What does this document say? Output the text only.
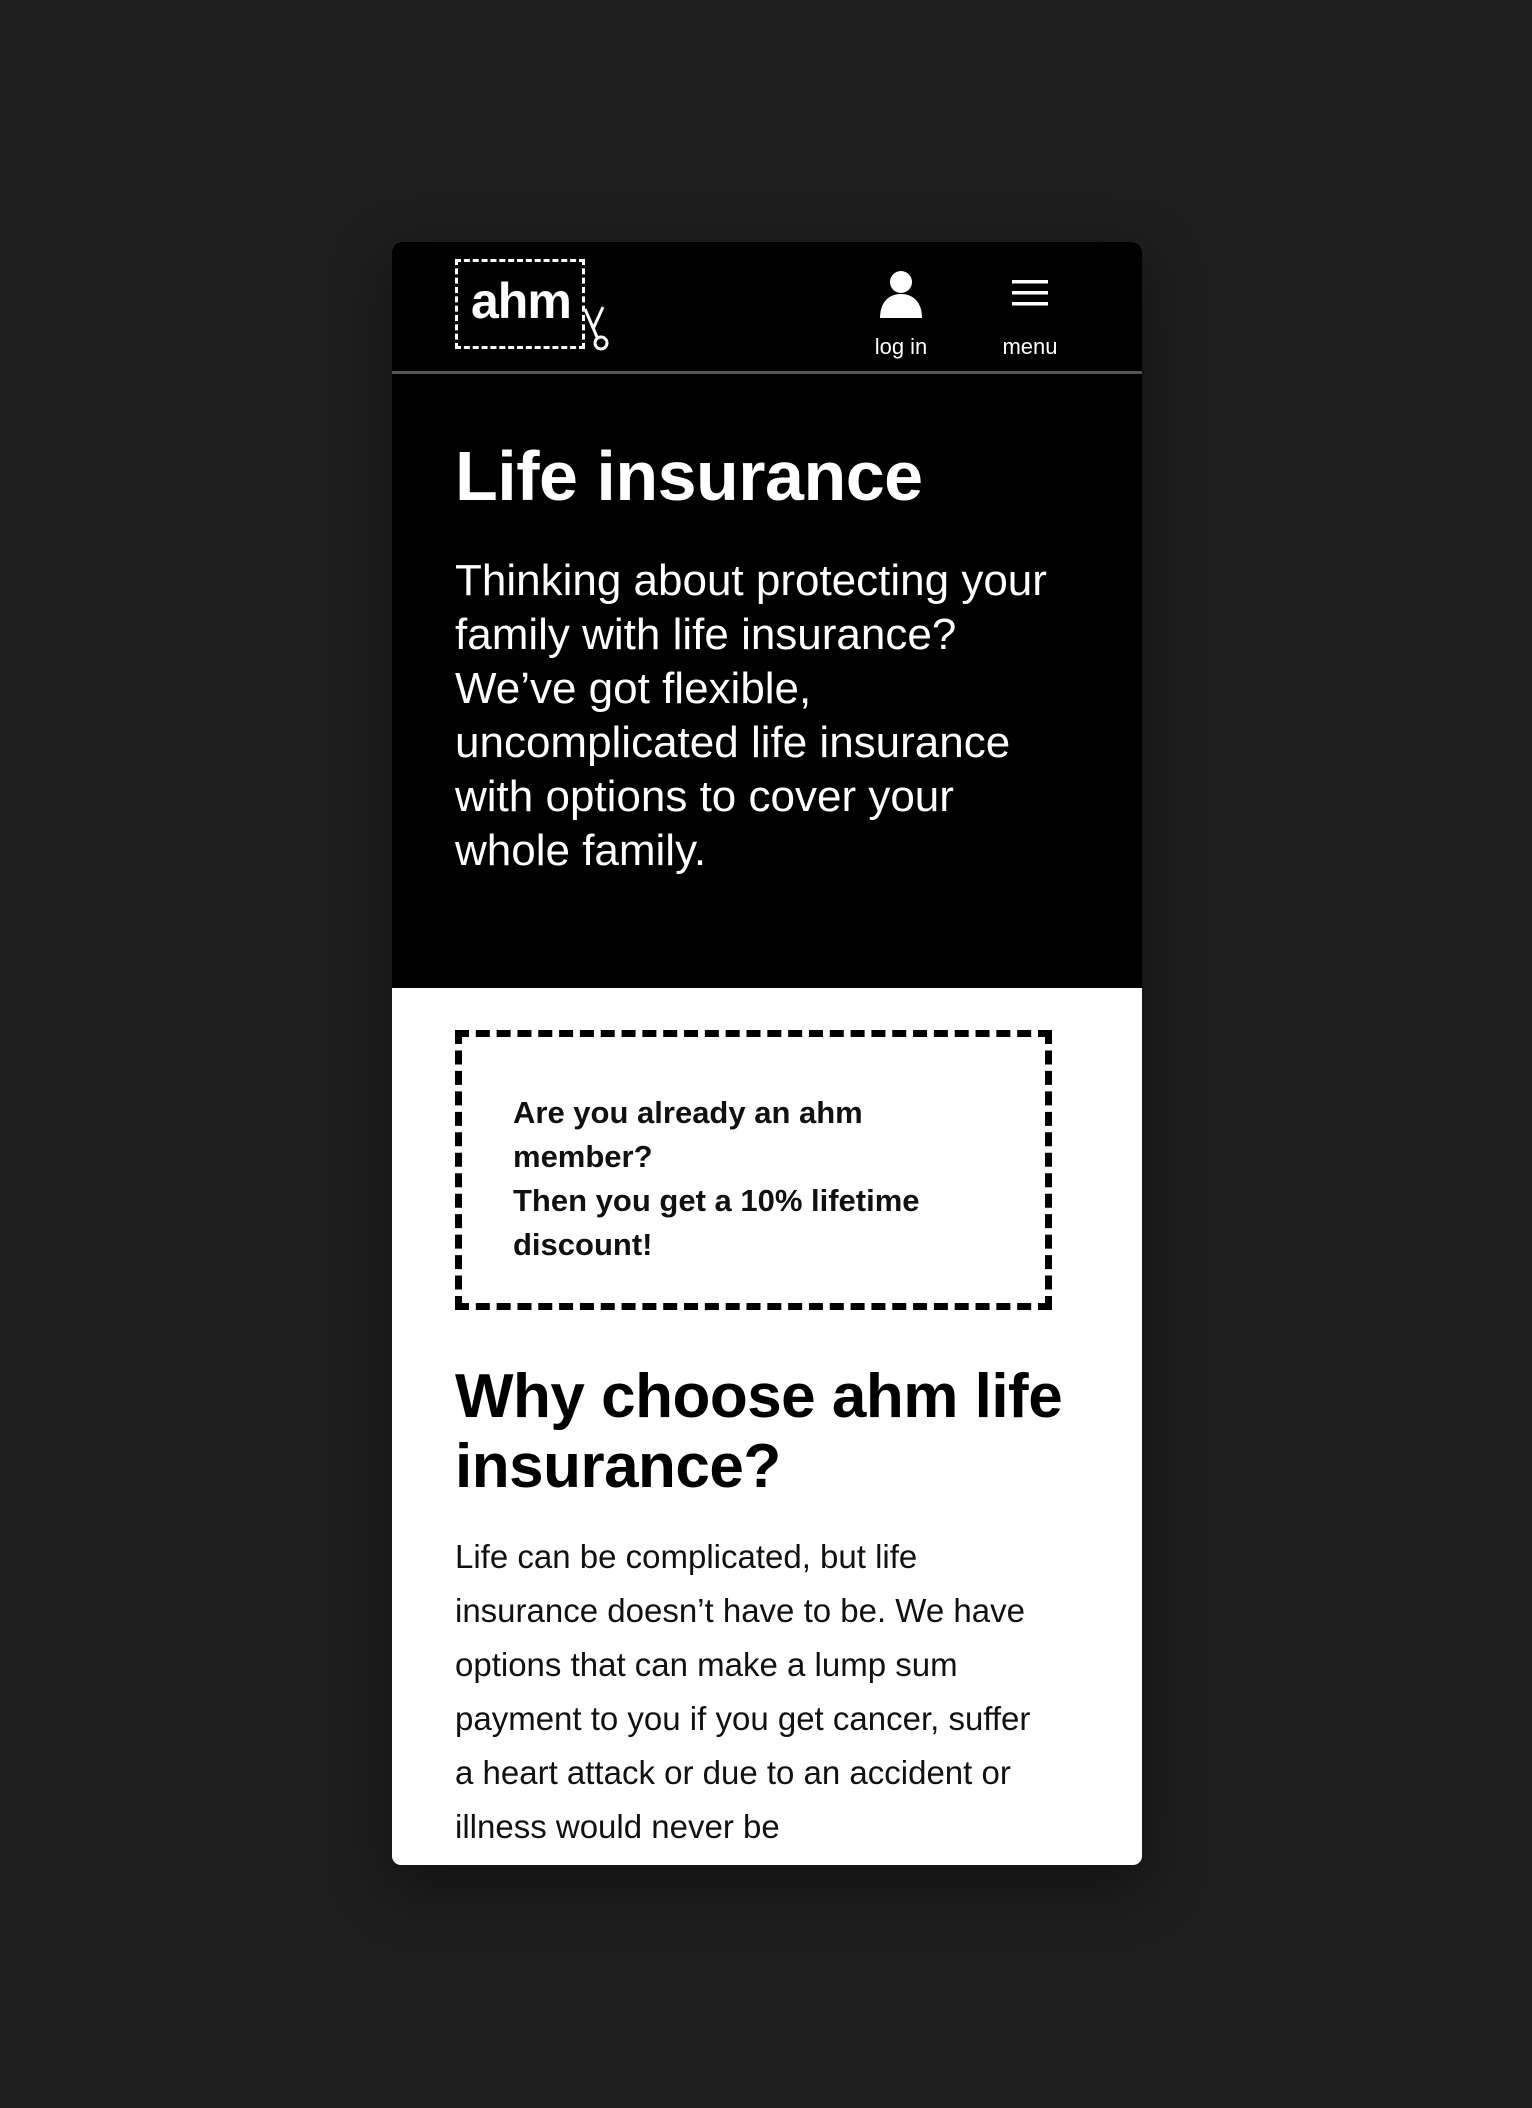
ahm
log in	menu
Life insurance

Thinking about protecting your family with life insurance? We’ve got flexible, uncomplicated life insurance with options to cover your whole family.

Are you already an ahm member?
Then you get a 10% lifetime discount!

Why choose ahm life insurance?

Life can be complicated, but life insurance doesn’t have to be. We have options that can make a lump sum payment to you if you get cancer, suffer a heart attack or due to an accident or illness would never be
